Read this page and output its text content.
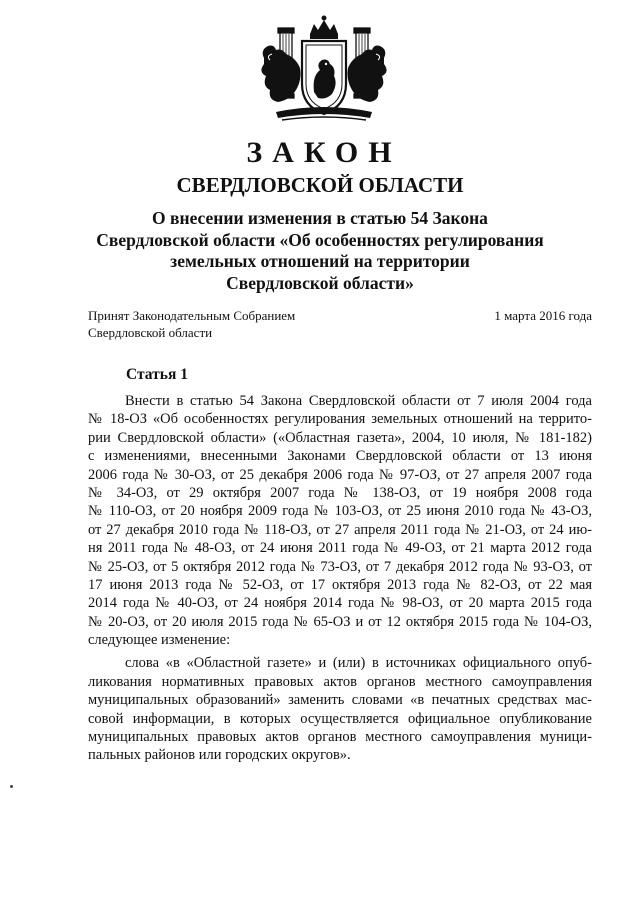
ЗАКОН
СВЕРДЛОВСКОЙ ОБЛАСТИ
О внесении изменения в статью 54 Закона
Свердловской области «Об особенностях регулирования
земельных отношений на территории
Свердловской области»
Принят Законодательным Собранием
Свердловской области
1 марта 2016 года
Статья 1
Внести в статью 54 Закона Свердловской области от 7 июля 2004 года
№ 18-ОЗ «Об особенностях регулирования земельных отношений на террито-
рии Свердловской области» («Областная газета», 2004, 10 июля, № 181-182)
с изменениями, внесенными Законами Свердловской области от 13 июня
2006 года № 30-ОЗ, от 25 декабря 2006 года № 97-ОЗ, от 27 апреля 2007 года
№ 34-ОЗ, от 29 октября 2007 года № 138-ОЗ, от 19 ноября 2008 года
№ 110-ОЗ, от 20 ноября 2009 года № 103-ОЗ, от 25 июня 2010 года № 43-ОЗ,
от 27 декабря 2010 года № 118-ОЗ, от 27 апреля 2011 года № 21-ОЗ, от 24 ию-
ня 2011 года № 48-ОЗ, от 24 июня 2011 года № 49-ОЗ, от 21 марта 2012 года
№ 25-ОЗ, от 5 октября 2012 года № 73-ОЗ, от 7 декабря 2012 года № 93-ОЗ, от
17 июня 2013 года № 52-ОЗ, от 17 октября 2013 года № 82-ОЗ, от 22 мая
2014 года № 40-ОЗ, от 24 ноября 2014 года № 98-ОЗ, от 20 марта 2015 года
№ 20-ОЗ, от 20 июля 2015 года № 65-ОЗ и от 12 октября 2015 года № 104-ОЗ,
следующее изменение:
слова «в «Областной газете» и (или) в источниках официального опуб-
ликования нормативных правовых актов органов местного самоуправления
муниципальных образований» заменить словами «в печатных средствах мас-
совой информации, в которых осуществляется официальное опубликование
муниципальных правовых актов органов местного самоуправления муници-
пальных районов или городских округов».
